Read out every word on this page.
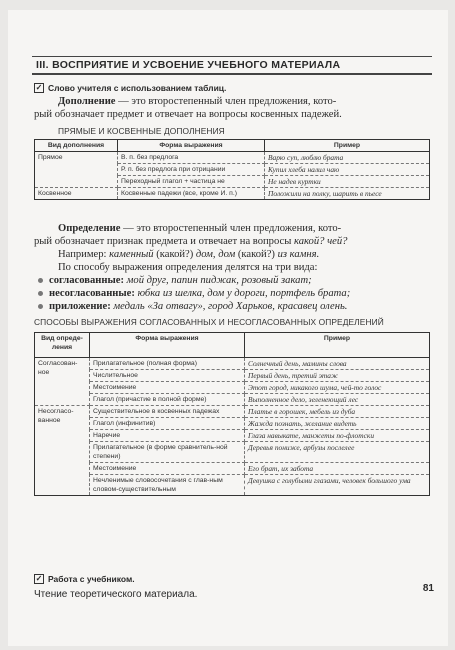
III. ВОСПРИЯТИЕ И УСВОЕНИЕ УЧЕБНОГО МАТЕРИАЛА
✓ Слово учителя с использованием таблиц.
Дополнение — это второстепенный член предложения, кото-
рый обозначает предмет и отвечает на вопросы косвенных падежей.
ПРЯМЫЕ И КОСВЕННЫЕ ДОПОЛНЕНИЯ
Вид дополнения	Форма выражения	Пример
Прямое	В. п. без предлога	Варю суп, люблю брата
	Р. п. без предлога при отрицании	Купил хлеба налил чаю
	Переходный глагол + частица не	Не надев куртки
Косвенное	Косвенные падежи (все, кроме И. п.)	Положили на полку, шарить в пьесе
Определение — это второстепенный член предложения, кото-
рый обозначает признак предмета и отвечает на вопросы какой? чей?
Например: каменный (какой?) дом, дом (какой?) из камня.
По способу выражения определения делятся на три вида:
согласованные: мой друг, папин пиджак, розовый закат;
несогласованные: юбка из шелка, дом у дороги, портфель брата;
приложение: медаль «За отвагу», город Харьков, красавец олень.
СПОСОБЫ ВЫРАЖЕНИЯ СОГЛАСОВАННЫХ И НЕСОГЛАСОВАННЫХ ОПРЕДЕЛЕНИЙ
Вид опреде-ления	Форма выражения	Пример
Согласован-ное	Прилагательное (полная форма)	Солнечный день, мамины слова
	Числительное	Первый день, третий этаж
	Местоимение	Этот город, никакого шума, чей-то голос
	Глагол (причастие в полной форме)	Выполненное дело, зеленеющий лес
Несогласо-ванное	Существительное в косвенных падежах	Платье в горошек, мебель из дуба
	Глагол (инфинитив)	Жажда познать, желание видеть
	Наречие	Глаза навыкате, манжеты по-флотски
	Прилагательное (в форме сравнитель-ной степени)	Деревья пониже, арбузы послелее
	Местоимение	Его брат, их забота
	Нечленимые словосочетания с глав-ным словом-существительным	Девушка с голубыми глазами, человек большого ума
✓ Работа с учебником.
Чтение теоретического материала.
81
